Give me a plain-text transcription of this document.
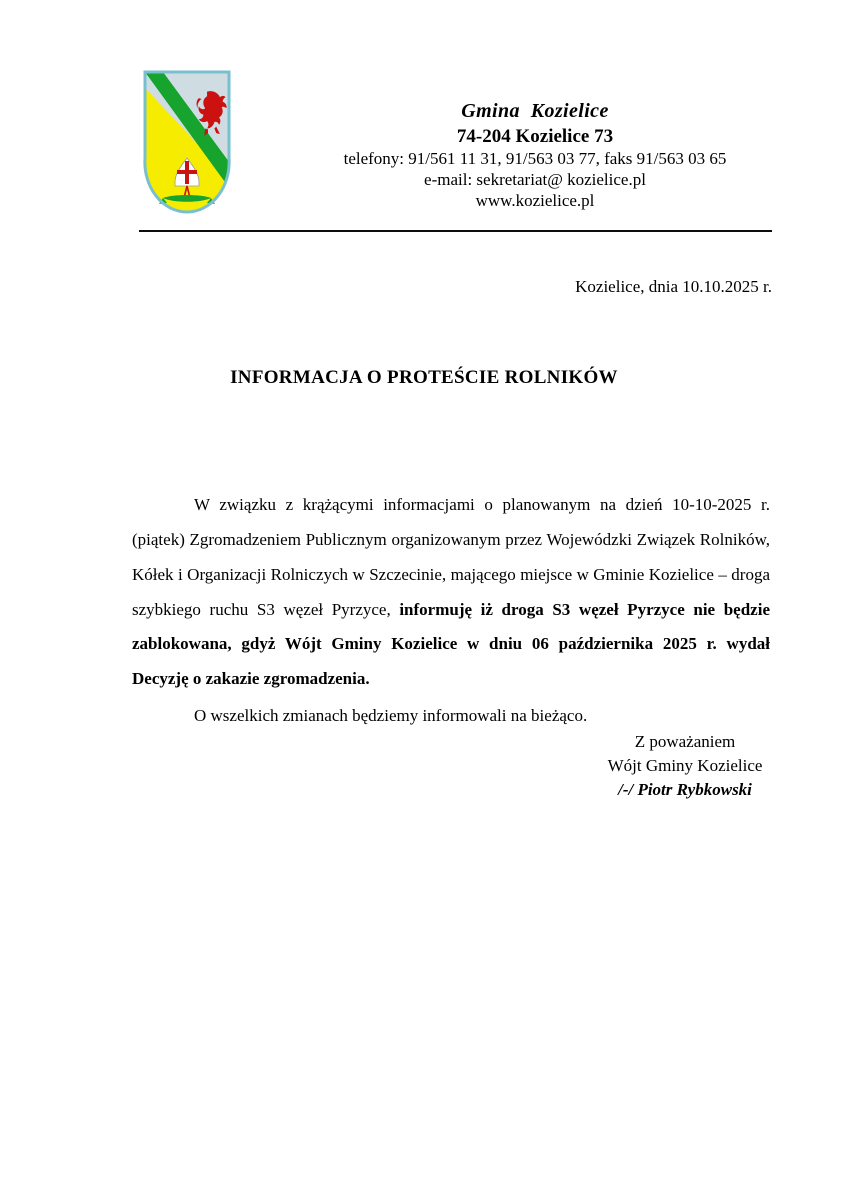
Gmina  Kozielice
74-204 Kozielice 73
telefony: 91/561 11 31, 91/563 03 77, faks 91/563 03 65
e-mail: sekretariat@ kozielice.pl
www.kozielice.pl
Kozielice, dnia 10.10.2025 r.
INFORMACJA O PROTEŚCIE ROLNIKÓW

W związku z krążącymi informacjami o planowanym na dzień 10-10-2025 r. (piątek) Zgromadzeniem Publicznym organizowanym przez Wojewódzki Związek Rolników, Kółek i Organizacji Rolniczych w Szczecinie, mającego miejsce w Gminie Kozielice – droga szybkiego ruchu S3 węzeł Pyrzyce, informuję iż droga S3 węzeł Pyrzyce nie będzie zablokowana, gdyż Wójt Gminy Kozielice w dniu 06 października 2025 r. wydał Decyzję o zakazie zgromadzenia.

O wszelkich zmianach będziemy informowali na bieżąco.

Z poważaniem
Wójt Gminy Kozielice
/-/ Piotr Rybkowski
